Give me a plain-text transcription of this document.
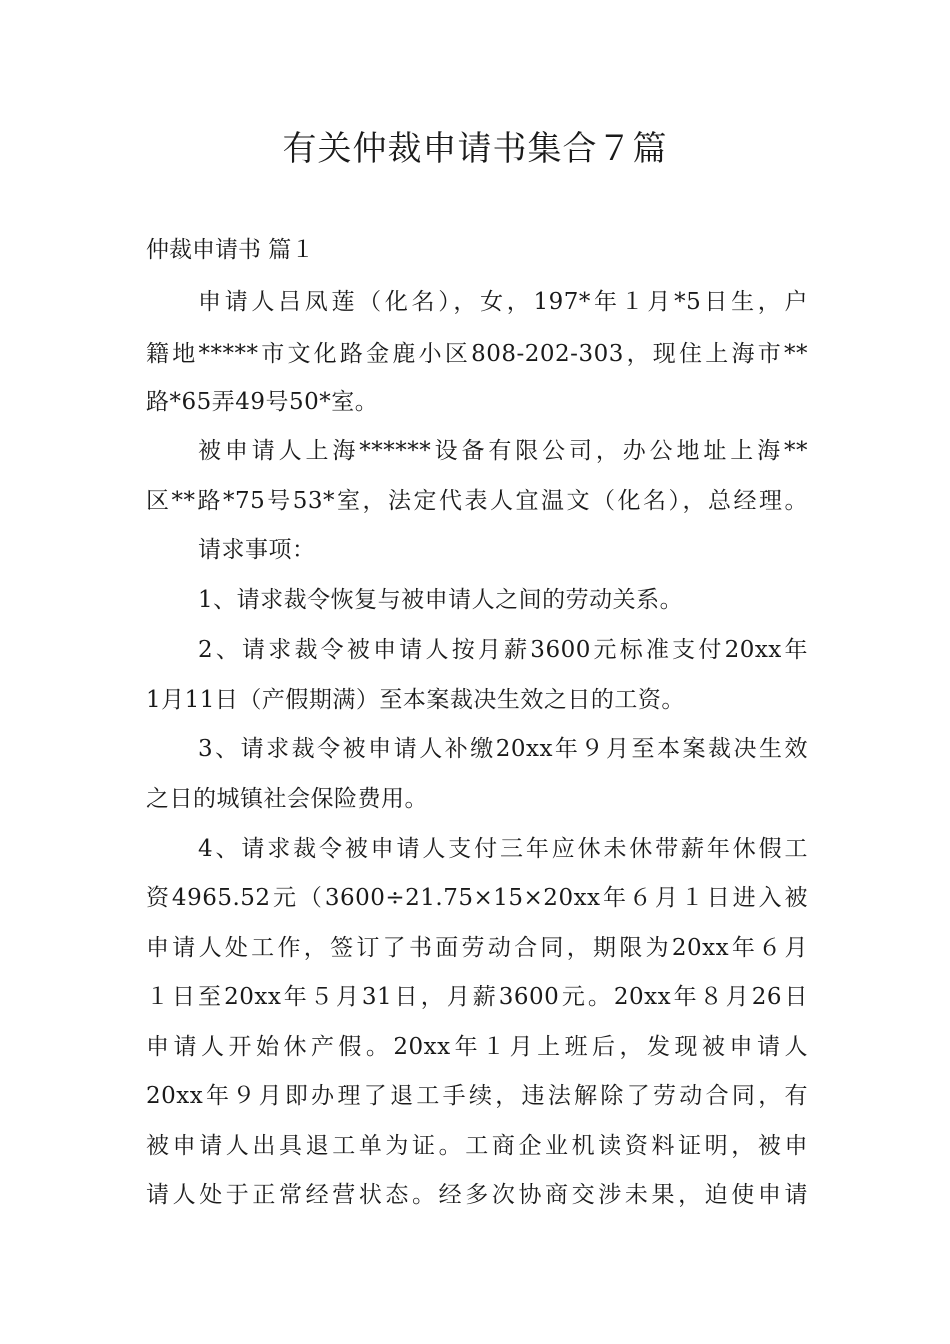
有关仲裁申请书集合７篇
仲裁申请书 篇１
申请人吕凤莲（化名），女，197*年１月*5日生，户
籍地*****市文化路金鹿小区808-202-303，现住上海市**
路*65弄49号50*室。
被申请人上海******设备有限公司，办公地址上海**
区**路*75号53*室，法定代表人宜温文（化名），总经理。
请求事项：
1、请求裁令恢复与被申请人之间的劳动关系。
2、请求裁令被申请人按月薪3600元标准支付20xx年
1月11日（产假期满）至本案裁决生效之日的工资。
3、请求裁令被申请人补缴20xx年９月至本案裁决生效
之日的城镇社会保险费用。
4、请求裁令被申请人支付三年应休未休带薪年休假工
资4965.52元（3600÷21.75×15×20xx年６月１日进入被
申请人处工作，签订了书面劳动合同，期限为20xx年６月
１日至20xx年５月31日，月薪3600元。20xx年８月26日
申请人开始休产假。20xx年１月上班后，发现被申请人
20xx年９月即办理了退工手续，违法解除了劳动合同，有
被申请人出具退工单为证。工商企业机读资料证明，被申
请人处于正常经营状态。经多次协商交涉未果，迫使申请
